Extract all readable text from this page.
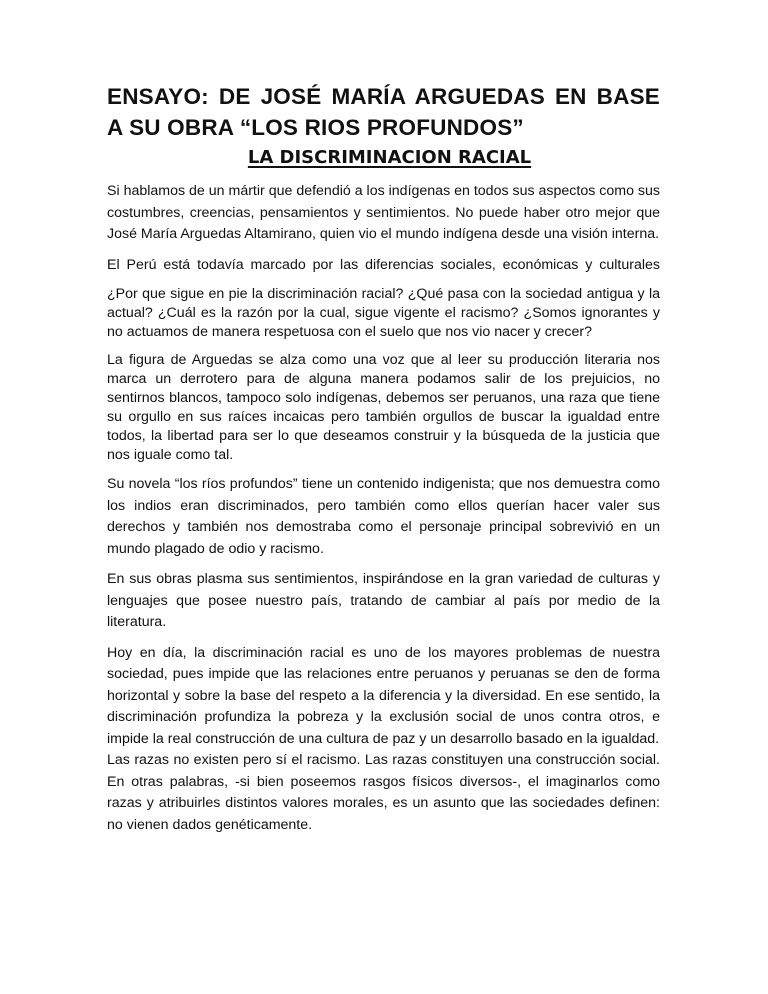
ENSAYO: DE JOSÉ MARÍA ARGUEDAS EN BASE A SU OBRA “LOS RIOS PROFUNDOS”
LA DISCRIMINACION RACIAL

Si hablamos de un mártir que defendió a los indígenas en todos sus aspectos como sus costumbres, creencias, pensamientos y sentimientos. No puede haber otro mejor que José María Arguedas Altamirano, quien vio el mundo indígena desde una visión interna.

El Perú está todavía marcado por las diferencias sociales, económicas y culturales

¿Por que sigue en pie la discriminación racial? ¿Qué pasa con la sociedad antigua y la actual? ¿Cuál es la razón por la cual, sigue vigente el racismo? ¿Somos ignorantes y no actuamos de manera respetuosa con el suelo que nos vio nacer y crecer?

La figura de Arguedas se alza como una voz que al leer su producción literaria nos marca un derrotero para de alguna manera podamos salir de los prejuicios, no sentirnos blancos, tampoco solo indígenas, debemos ser peruanos, una raza que tiene su orgullo en sus raíces incaicas pero también orgullos de buscar la igualdad entre todos, la libertad para ser lo que deseamos construir y la búsqueda de la justicia que nos iguale como tal.

Su novela “los ríos profundos” tiene un contenido indigenista; que nos demuestra como los indios eran discriminados, pero también como ellos querían hacer valer sus derechos y también nos demostraba como el personaje principal sobrevivió en un mundo plagado de odio y racismo.

En sus obras plasma sus sentimientos, inspirándose en la gran variedad de culturas y lenguajes que posee nuestro país, tratando de cambiar al país por medio de la literatura.

Hoy en día, la discriminación racial es uno de los mayores problemas de nuestra sociedad, pues impide que las relaciones entre peruanos y peruanas se den de forma horizontal y sobre la base del respeto a la diferencia y la diversidad. En ese sentido, la discriminación profundiza la pobreza y la exclusión social de unos contra otros, e impide la real construcción de una cultura de paz y un desarrollo basado en la igualdad.

Las razas no existen pero sí el racismo. Las razas constituyen una construcción social. En otras palabras, -si bien poseemos rasgos físicos diversos-, el imaginarlos como razas y atribuirles distintos valores morales, es un asunto que las sociedades definen: no vienen dados genéticamente.
